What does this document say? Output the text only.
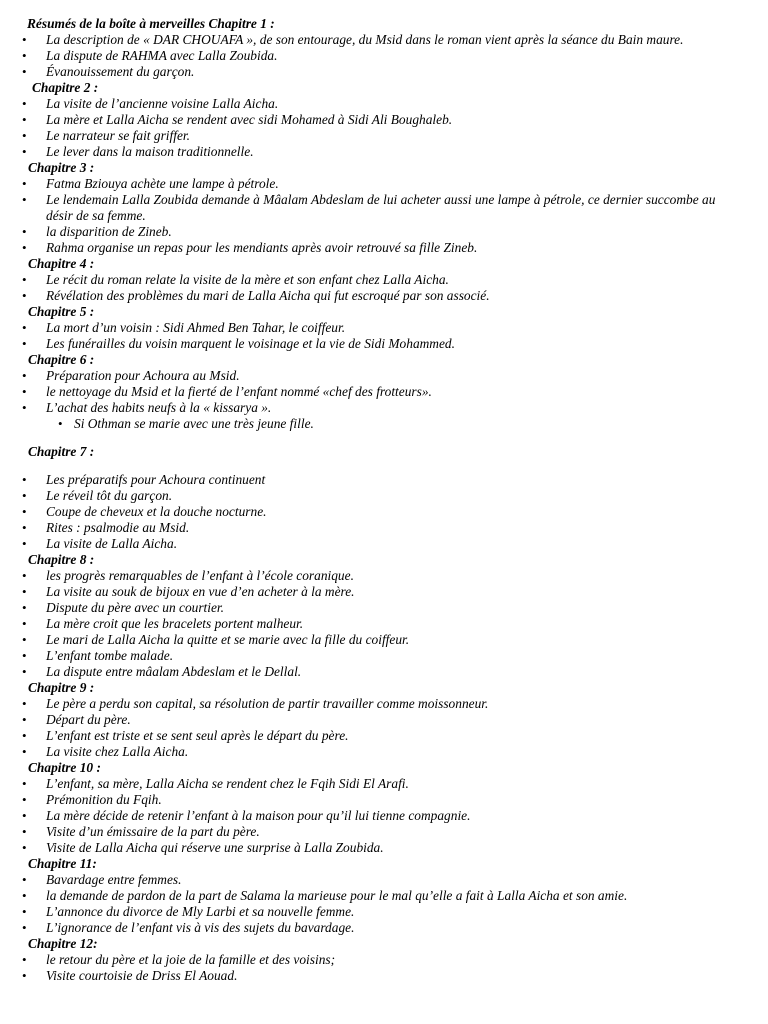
Résumés de la boîte à merveilles Chapitre 1 :
• La description de « DAR CHOUAFA », de son entourage, du Msid dans le roman vient après la séance du Bain maure.
• La dispute de RAHMA avec Lalla Zoubida.
• Évanouissement du garçon.
Chapitre 2 :
• La visite de l’ancienne voisine Lalla Aicha.
• La mère et Lalla Aicha se rendent avec sidi Mohamed à Sidi Ali Boughaleb.
• Le narrateur se fait griffer.
• Le lever dans la maison traditionnelle.
Chapitre 3 :
• Fatma Bziouya achète une lampe à pétrole.
• Le lendemain Lalla Zoubida demande à Mâalam Abdeslam de lui acheter aussi une lampe à pétrole, ce dernier succombe au désir de sa femme.
• la disparition de Zineb.
• Rahma organise un repas pour les mendiants après avoir retrouvé sa fille Zineb.
Chapitre 4 :
• Le récit du roman relate la visite de la mère et son enfant chez Lalla Aicha.
• Révélation des problèmes du mari de Lalla Aicha qui fut escroqué par son associé.
Chapitre 5 :
• La mort d’un voisin : Sidi Ahmed Ben Tahar, le coiffeur.
• Les funérailles du voisin marquent le voisinage et la vie de Sidi Mohammed.
Chapitre 6 :
• Préparation pour Achoura au Msid.
• le nettoyage du Msid et la fierté de l’enfant nommé «chef des frotteurs».
• L’achat des habits neufs à la « kissarya ».
• Si Othman se marie avec une très jeune fille.
Chapitre 7 :
• Les préparatifs pour Achoura continuent
• Le réveil tôt du garçon.
• Coupe de cheveux et la douche nocturne.
• Rites : psalmodie au Msid.
• La visite de Lalla Aicha.
Chapitre 8 :
• les progrès remarquables de l’enfant à l’école coranique.
• La visite au souk de bijoux en vue d’en acheter à la mère.
• Dispute du père avec un courtier.
• La mère croit que les bracelets portent malheur.
• Le mari de Lalla Aicha la quitte et se marie avec la fille du coiffeur.
• L’enfant tombe malade.
• La dispute entre mâalam Abdeslam et le Dellal.
Chapitre 9 :
• Le père a perdu son capital, sa résolution de partir travailler comme moissonneur.
• Départ du père.
• L’enfant est triste et se sent seul après le départ du père.
• La visite chez Lalla Aicha.
Chapitre 10 :
• L’enfant, sa mère, Lalla Aicha se rendent chez le Fqih Sidi El Arafi.
• Prémonition du Fqih.
• La mère décide de retenir l’enfant à la maison pour qu’il lui tienne compagnie.
• Visite d’un émissaire de la part du père.
• Visite de Lalla Aicha qui réserve une surprise à Lalla Zoubida.
Chapitre 11:
• Bavardage entre femmes.
• la demande de pardon de la part de Salama la marieuse pour le mal qu’elle a fait à Lalla Aicha et son amie.
• L’annonce du divorce de Mly Larbi et sa nouvelle femme.
• L’ignorance de l’enfant vis à vis des sujets du bavardage.
Chapitre 12:
• le retour du père et la joie de la famille et des voisins;
• Visite courtoisie de Driss El Aouad.
